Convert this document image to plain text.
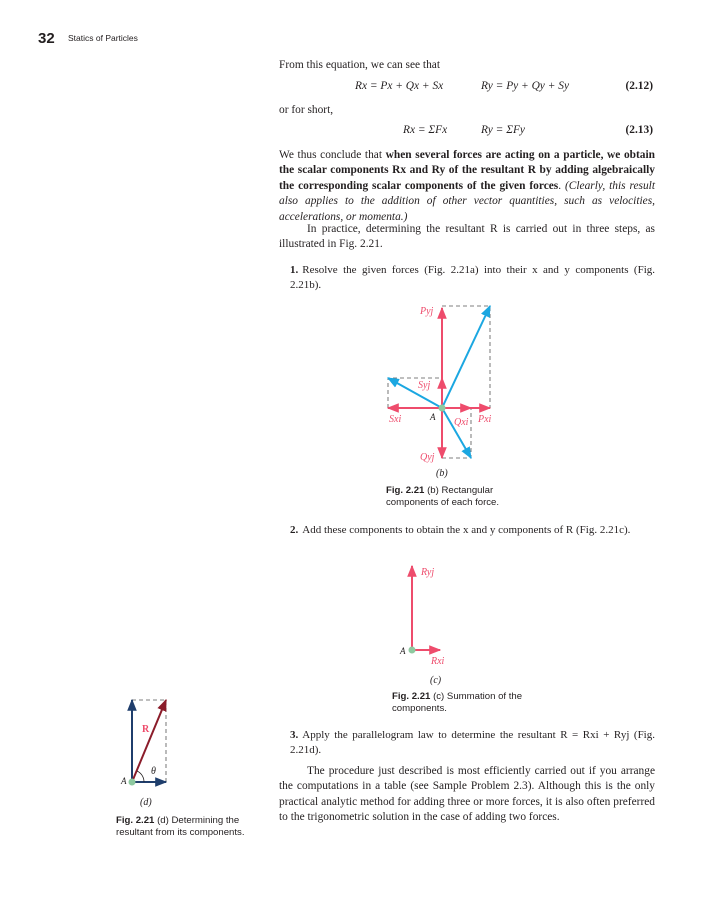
32 Statics of Particles
From this equation, we can see that
Rx = Px + Qx + Sx	Ry = Py + Qy + Sy	(2.12)
or for short,
Rx = ΣFx	Ry = ΣFy	(2.13)
We thus conclude that when several forces are acting on a particle, we obtain the scalar components Rx and Ry of the resultant R by adding algebraically the corresponding scalar components of the given forces. (Clearly, this result also applies to the addition of other vector quantities, such as velocities, accelerations, or momenta.)
In practice, determining the resultant R is carried out in three steps, as illustrated in Fig. 2.21.
1. Resolve the given forces (Fig. 2.21a) into their x and y components (Fig. 2.21b).
Pyj
Syj
Sxi	A Qxi Pxi
Qyj
(b)
Fig. 2.21 (b) Rectangular components of each force.
2. Add these components to obtain the x and y components of R (Fig. 2.21c).
Ryj
A
Rxi
(c)
Fig. 2.21 (c) Summation of the components.
3. Apply the parallelogram law to determine the resultant R = Rxi + Ryj (Fig. 2.21d).
The procedure just described is most efficiently carried out if you arrange the computations in a table (see Sample Problem 2.3). Although this is the only practical analytic method for adding three or more forces, it is also often preferred to the trigonometric solution in the case of adding two forces.
R
θ
A
(d)
Fig. 2.21 (d) Determining the resultant from its components.
